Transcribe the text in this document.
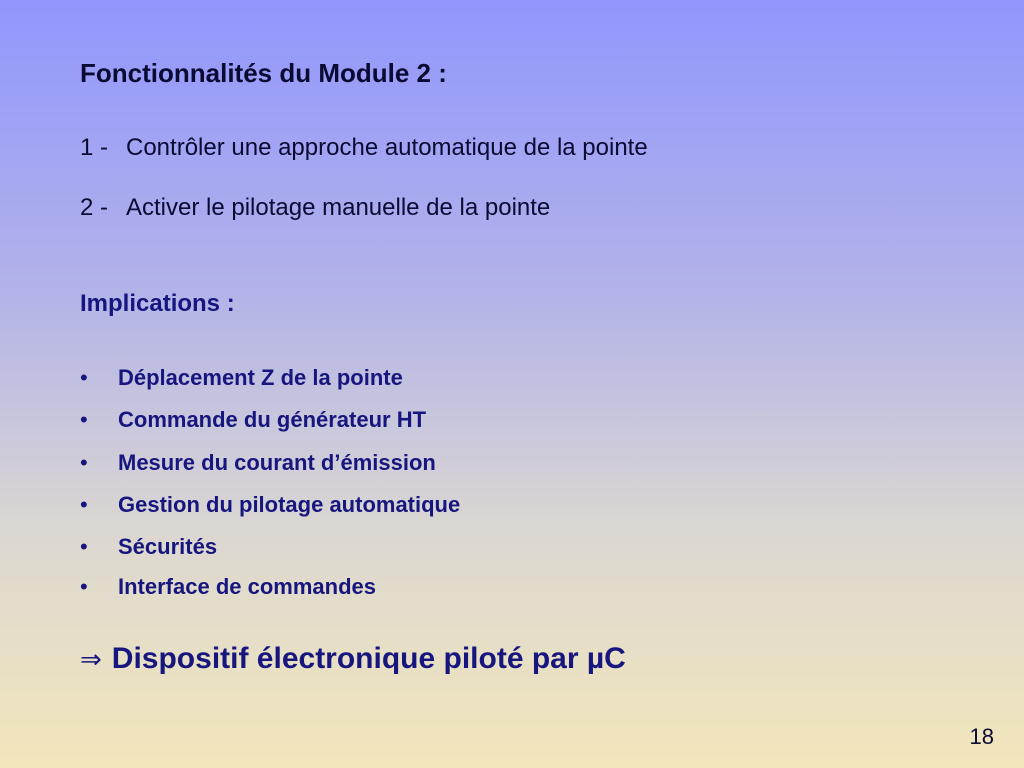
Fonctionnalités du Module 2 :
1 - Contrôler une approche automatique de la pointe
2 - Activer le pilotage manuelle de la pointe
Implications :
• Déplacement Z de la pointe
• Commande du générateur HT
• Mesure du courant d’émission
• Gestion du pilotage automatique
• Sécurités
• Interface de commandes
⇒ Dispositif électronique piloté par µC
18
